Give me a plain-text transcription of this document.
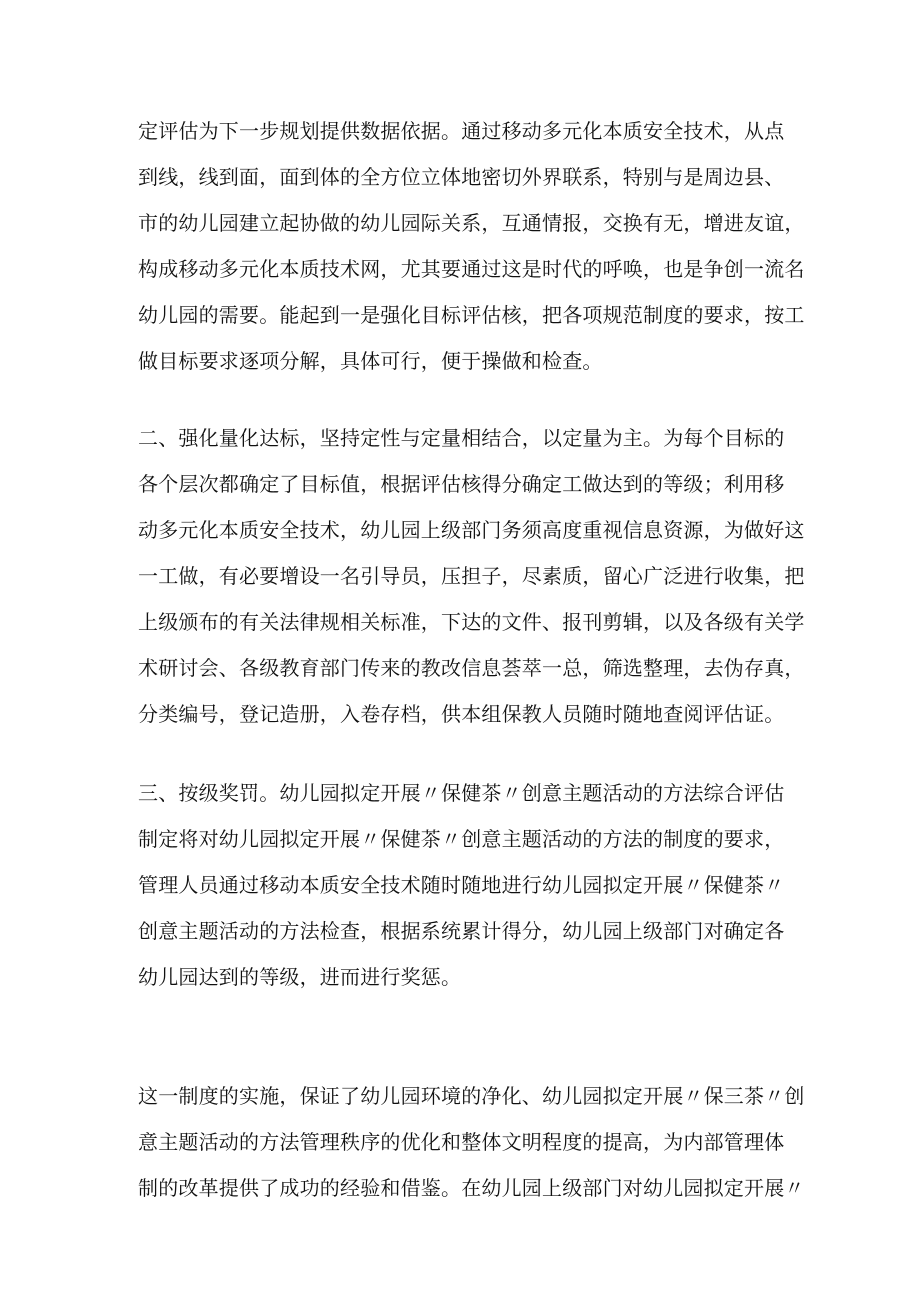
定评估为下一步规划提供数据依据。通过移动多元化本质安全技术，从点
到线，线到面，面到体的全方位立体地密切外界联系，特别与是周边县、
市的幼儿园建立起协做的幼儿园际关系，互通情报，交换有无，增进友谊，
构成移动多元化本质技术网，尤其要通过这是时代的呼唤，也是争创一流名
幼儿园的需要。能起到一是强化目标评估核，把各项规范制度的要求，按工
做目标要求逐项分解，具体可行，便于操做和检查。
二、强化量化达标，坚持定性与定量相结合，以定量为主。为每个目标的
各个层次都确定了目标值，根据评估核得分确定工做达到的等级；利用移
动多元化本质安全技术，幼儿园上级部门务须高度重视信息资源，为做好这
一工做，有必要增设一名引导员，压担子，尽素质，留心广泛进行收集，把
上级颁布的有关法律规相关标准，下达的文件、报刊剪辑，以及各级有关学
术研讨会、各级教育部门传来的教改信息荟萃一总，筛选整理，去伪存真，
分类编号，登记造册，入卷存档，供本组保教人员随时随地查阅评估证。
三、按级奖罚。幼儿园拟定开展〃保健茶〃创意主题活动的方法综合评估
制定将对幼儿园拟定开展〃保健茶〃创意主题活动的方法的制度的要求，
管理人员通过移动本质安全技术随时随地进行幼儿园拟定开展〃保健茶〃
创意主题活动的方法检查，根据系统累计得分，幼儿园上级部门对确定各
幼儿园达到的等级，进而进行奖惩。
这一制度的实施，保证了幼儿园环境的净化、幼儿园拟定开展〃保三茶〃创
意主题活动的方法管理秩序的优化和整体文明程度的提高，为内部管理体
制的改革提供了成功的经验和借鉴。在幼儿园上级部门对幼儿园拟定开展〃
